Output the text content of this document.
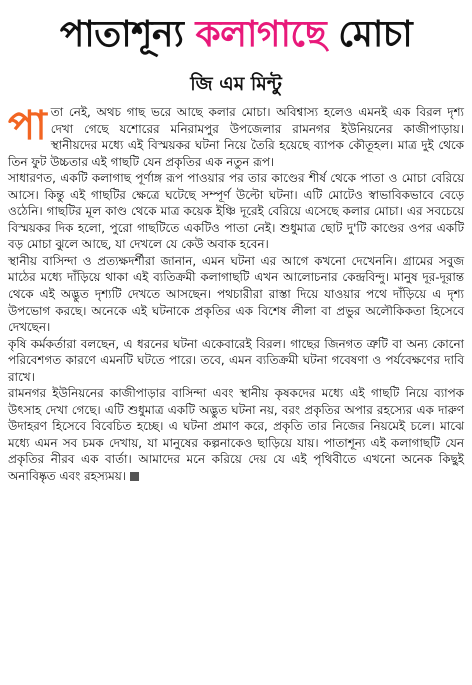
পাতাশূন্য কলাগাছে মোচা
জি এম মিন্টু

পাতা নেই, অথচ গাছ ভরে আছে কলার মোচা। অবিশ্বাস্য হলেও এমনই এক বিরল দৃশ্য দেখা গেছে যশোরের মনিরামপুর উপজেলার রামনগর ইউনিয়নের কাজীপাড়ায়। স্থানীয়দের মধ্যে এই বিস্ময়কর ঘটনা নিয়ে তৈরি হয়েছে ব্যাপক কৌতূহল। মাত্র দুই থেকে তিন ফুট উচ্চতার এই গাছটি যেন প্রকৃতির এক নতুন রূপ।

সাধারণত, একটি কলাগাছ পূর্ণাঙ্গ রূপ পাওয়ার পর তার কাণ্ডের শীর্ষ থেকে পাতা ও মোচা বেরিয়ে আসে। কিন্তু এই গাছটির ক্ষেত্রে ঘটেছে সম্পূর্ণ উল্টো ঘটনা। এটি মোটেও স্বাভাবিকভাবে বেড়ে ওঠেনি। গাছটির মূল কাণ্ড থেকে মাত্র কয়েক ইঞ্চি দূরেই বেরিয়ে এসেছে কলার মোচা। এর সবচেয়ে বিস্ময়কর দিক হলো, পুরো গাছটিতে একটিও পাতা নেই। শুধুমাত্র ছোট দু'টি কাণ্ডের ওপর একটি বড় মোচা ঝুলে আছে, যা দেখলে যে কেউ অবাক হবেন।

স্থানীয় বাসিন্দা ও প্রত্যক্ষদর্শীরা জানান, এমন ঘটনা এর আগে কখনো দেখেননি। গ্রামের সবুজ মাঠের মধ্যে দাঁড়িয়ে থাকা এই ব্যতিক্রমী কলাগাছটি এখন আলোচনার কেন্দ্রবিন্দু। মানুষ দূর-দূরান্ত থেকে এই অদ্ভুত দৃশ্যটি দেখতে আসছেন। পথচারীরা রাস্তা দিয়ে যাওয়ার পথে দাঁড়িয়ে এ দৃশ্য উপভোগ করছে। অনেকে এই ঘটনাকে প্রকৃতির এক বিশেষ লীলা বা প্রভুর অলৌকিকতা হিসেবে দেখছেন।

কৃষি কর্মকর্তারা বলছেন, এ ধরনের ঘটনা একেবারেই বিরল। গাছের জিনগত ত্রুটি বা অন্য কোনো পরিবেশগত কারণে এমনটি ঘটতে পারে। তবে, এমন ব্যতিক্রমী ঘটনা গবেষণা ও পর্যবেক্ষণের দাবি রাখে।

রামনগর ইউনিয়নের কাজীপাড়ার বাসিন্দা এবং স্থানীয় কৃষকদের মধ্যে এই গাছটি নিয়ে ব্যাপক উৎসাহ দেখা গেছে। এটি শুধুমাত্র একটি অদ্ভুত ঘটনা নয়, বরং প্রকৃতির অপার রহস্যের এক দারুণ উদাহরণ হিসেবে বিবেচিত হচ্ছে। এ ঘটনা প্রমাণ করে, প্রকৃতি তার নিজের নিয়মেই চলে। মাঝে মধ্যে এমন সব চমক দেখায়, যা মানুষের কল্পনাকেও ছাড়িয়ে যায়। পাতাশূন্য এই কলাগাছটি যেন প্রকৃতির নীরব এক বার্তা। আমাদের মনে করিয়ে দেয় যে এই পৃথিবীতে এখনো অনেক কিছুই অনাবিষ্কৃত এবং রহস্যময়।
